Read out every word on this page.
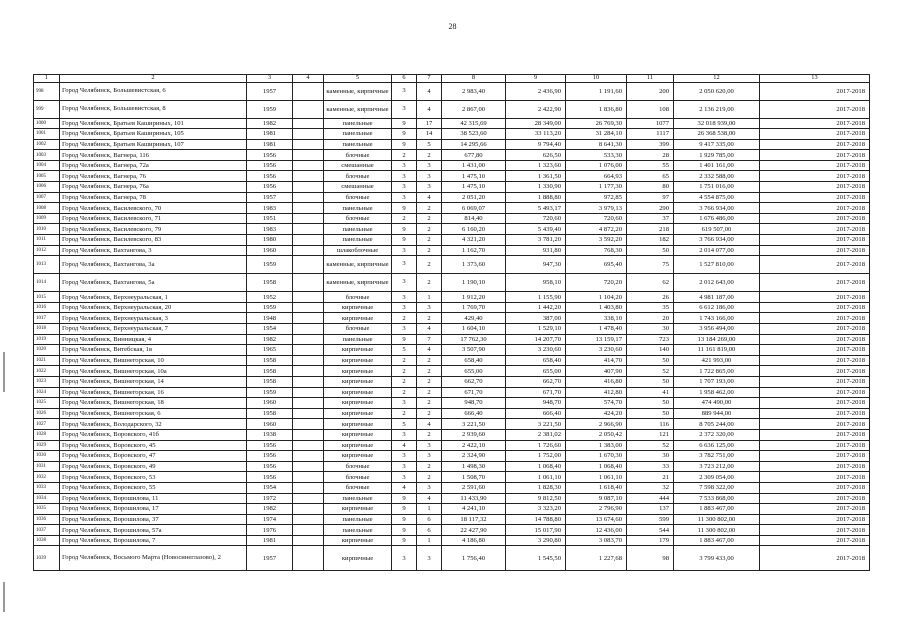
28
1	2	3	4	5	6	7	8	9	10	11	12	13
998	Город Челябинск, Большевистская, 6	1957		каменные, кирпичные	3	4	2 983,40	2 436,90	1 191,60	200	2 050 620,00	2017-2018
999	Город Челябинск, Большевистская, 8	1959		каменные, кирпичные	3	4	2 867,00	2 422,90	1 836,80	108	2 136 219,00	2017-2018
1000	Город Челябинск, Братьев Кашириных, 101	1982		панельные	9	17	42 315,69	28 349,00	26 769,30	1077	32 018 939,00	2017-2018
1001	Город Челябинск, Братьев Кашириных, 105	1981		панельные	9	14	38 523,60	33 113,20	31 284,10	1117	26 368 538,00	2017-2018
1002	Город Челябинск, Братьев Кашириных, 107	1981		панельные	9	5	14 295,66	9 794,40	8 641,30	399	9 417 335,00	2017-2018
1003	Город Челябинск, Вагнера, 116	1956		блочные	2	2	677,80	626,50	533,30	28	1 929 785,00	2017-2018
1004	Город Челябинск, Вагнера, 72а	1956		смешанные	3	3	1 431,00	1 323,60	1 076,00	55	1 401 161,00	2017-2018
1005	Город Челябинск, Вагнера, 76	1956		блочные	3	3	1 475,10	1 361,50	664,93	65	2 332 588,00	2017-2018
1006	Город Челябинск, Вагнера, 76а	1956		смешанные	3	3	1 475,10	1 330,90	1 177,30	80	1 751 016,00	2017-2018
1007	Город Челябинск, Вагнера, 78	1957		блочные	3	4	2 051,20	1 888,80	972,85	97	4 554 875,00	2017-2018
1008	Город Челябинск, Василевского, 70	1983		панельные	9	2	6 069,07	5 493,17	3 979,13	290	3 766 934,00	2017-2018
1009	Город Челябинск, Василевского, 71	1951		блочные	2	2	814,40	720,60	720,60	37	1 676 486,00	2017-2018
1010	Город Челябинск, Василевского, 79	1983		панельные	9	2	6 160,20	5 439,40	4 872,20	218	619 507,00	2017-2018
1011	Город Челябинск, Василевского, 83	1980		панельные	9	2	4 321,20	3 781,20	3 592,20	182	3 766 934,00	2017-2018
1012	Город Челябинск, Вахтангова, 3	1960		шлакоблочные	3	2	1 162,70	931,80	768,30	50	2 014 077,00	2017-2018
1013	Город Челябинск, Вахтангова, 3а	1959		каменные, кирпичные	3	2	1 373,60	947,30	695,40	75	1 527 810,00	2017-2018
1014	Город Челябинск, Вахтангова, 5а	1958		каменные, кирпичные	3	2	1 190,10	958,10	720,20	62	2 012 643,00	2017-2018
1015	Город Челябинск, Верхнеуральская, 1	1952		блочные	3	1	1 912,20	1 155,90	1 104,20	26	4 981 187,00	2017-2018
1016	Город Челябинск, Верхнеуральская, 20	1959		кирпичные	3	3	1 769,70	1 442,20	1 403,80	35	6 612 186,00	2017-2018
1017	Город Челябинск, Верхнеуральская, 3	1948		кирпичные	2	2	429,40	387,00	338,10	20	1 743 166,00	2017-2018
1018	Город Челябинск, Верхнеуральская, 7	1954		блочные	3	4	1 604,10	1 529,10	1 478,40	30	3 956 494,00	2017-2018
1019	Город Челябинск, Винницкая, 4	1982		панельные	9	7	17 762,30	14 207,70	13 159,17	723	13 184 269,00	2017-2018
1020	Город Челябинск, Витебская, 1в	1965		кирпичные	5	4	3 507,90	3 230,60	3 230,60	140	11 161 819,00	2017-2018
1021	Город Челябинск, Вишнегорская, 10	1958		кирпичные	2	2	658,40	658,40	414,70	50	421 993,00	2017-2018
1022	Город Челябинск, Вишнегорская, 10а	1958		кирпичные	2	2	655,00	655,00	407,90	52	1 722 865,00	2017-2018
1023	Город Челябинск, Вишнегорская, 14	1958		кирпичные	2	2	662,70	662,70	416,80	50	1 707 193,00	2017-2018
1024	Город Челябинск, Вишнегорская, 16	1959		кирпичные	2	2	671,70	671,70	412,80	41	1 958 462,00	2017-2018
1025	Город Челябинск, Вишнегорская, 18	1960		кирпичные	3	2	948,70	948,70	574,70	50	474 490,00	2017-2018
1026	Город Челябинск, Вишнегорская, 6	1958		кирпичные	2	2	666,40	666,40	424,20	50	889 944,00	2017-2018
1027	Город Челябинск, Володарского, 32	1960		кирпичные	5	4	3 221,50	3 221,50	2 966,90	116	8 705 244,00	2017-2018
1028	Город Челябинск, Воровского, 41б	1938		кирпичные	3	2	2 939,60	2 381,02	2 050,42	121	2 372 320,00	2017-2018
1029	Город Челябинск, Воровского, 45	1956		кирпичные	4	3	2 422,10	1 726,60	1 383,00	52	6 636 125,00	2017-2018
1030	Город Челябинск, Воровского, 47	1956		кирпичные	3	3	2 324,90	1 752,00	1 670,30	30	3 782 751,00	2017-2018
1031	Город Челябинск, Воровского, 49	1956		блочные	3	2	1 498,30	1 068,40	1 068,40	33	3 723 212,00	2017-2018
1032	Город Челябинск, Воровского, 53	1956		блочные	3	2	1 508,70	1 061,10	1 061,10	21	2 309 054,00	2017-2018
1033	Город Челябинск, Воровского, 55	1954		блочные	4	3	2 591,60	1 828,30	1 618,40	32	7 598 322,00	2017-2018
1034	Город Челябинск, Ворошилова, 11	1972		панельные	9	4	11 433,90	9 812,50	9 087,10	444	7 533 868,00	2017-2018
1035	Город Челябинск, Ворошилова, 17	1982		кирпичные	9	1	4 241,10	3 323,20	2 796,90	137	1 883 467,00	2017-2018
1036	Город Челябинск, Ворошилова, 37	1974		панельные	9	6	18 117,32	14 788,80	13 674,60	599	11 300 802,00	2017-2018
1037	Город Челябинск, Ворошилова, 57а	1976		панельные	9	6	22 427,90	15 017,90	12 436,00	544	11 300 802,00	2017-2018
1038	Город Челябинск, Ворошилова, 7	1981		кирпичные	9	1	4 186,80	3 290,80	3 083,70	179	1 883 467,00	2017-2018
1039	Город Челябинск, Восьмого Марта (Новосинеглазово), 2	1957		кирпичные	3	3	1 756,40	1 545,50	1 227,68	98	3 799 433,00	2017-2018
